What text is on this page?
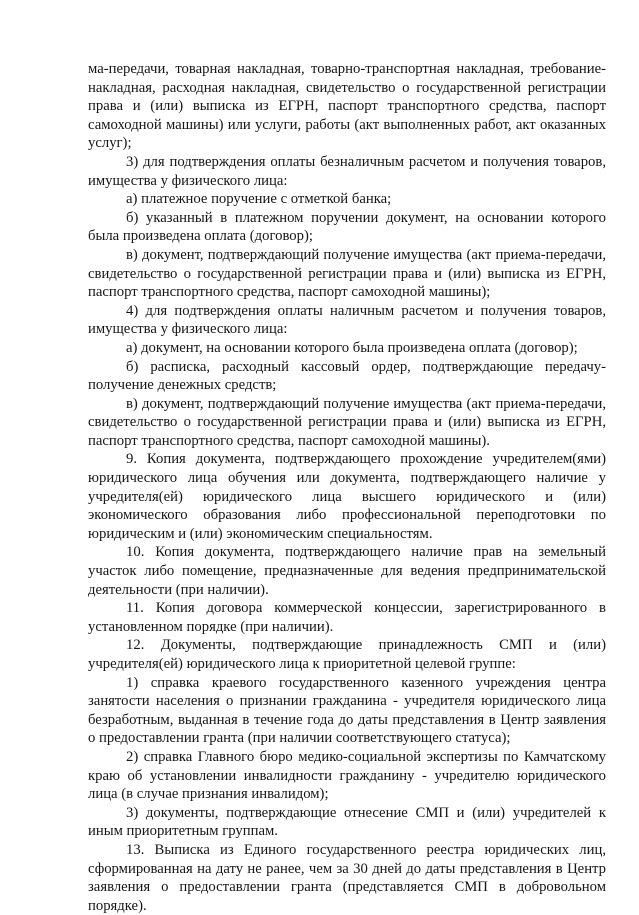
ма-передачи, товарная накладная, товарно-транспортная накладная, требование-накладная, расходная накладная, свидетельство о государственной регистрации права и (или) выписка из ЕГРН, паспорт транспортного средства, паспорт самоходной машины) или услуги, работы (акт выполненных работ, акт оказанных услуг);

3) для подтверждения оплаты безналичным расчетом и получения товаров, имущества у физического лица:

а) платежное поручение с отметкой банка;

б) указанный в платежном поручении документ, на основании которого была произведена оплата (договор);

в) документ, подтверждающий получение имущества (акт приема-передачи, свидетельство о государственной регистрации права и (или) выписка из ЕГРН, паспорт транспортного средства, паспорт самоходной машины);

4) для подтверждения оплаты наличным расчетом и получения товаров, имущества у физического лица:

а) документ, на основании которого была произведена оплата (договор);

б) расписка, расходный кассовый ордер, подтверждающие передачу-получение денежных средств;

в) документ, подтверждающий получение имущества (акт приема-передачи, свидетельство о государственной регистрации права и (или) выписка из ЕГРН, паспорт транспортного средства, паспорт самоходной машины).

9. Копия документа, подтверждающего прохождение учредителем(ями) юридического лица обучения или документа, подтверждающего наличие у учредителя(ей) юридического лица высшего юридического и (или) экономического образования либо профессиональной переподготовки по юридическим и (или) экономическим специальностям.

10. Копия документа, подтверждающего наличие прав на земельный участок либо помещение, предназначенные для ведения предпринимательской деятельности (при наличии).

11. Копия договора коммерческой концессии, зарегистрированного в установленном порядке (при наличии).

12. Документы, подтверждающие принадлежность СМП и (или) учредителя(ей) юридического лица к приоритетной целевой группе:

1) справка краевого государственного казенного учреждения центра занятости населения о признании гражданина - учредителя юридического лица безработным, выданная в течение года до даты представления в Центр заявления о предоставлении гранта (при наличии соответствующего статуса);

2) справка Главного бюро медико-социальной экспертизы по Камчатскому краю об установлении инвалидности гражданину - учредителю юридического лица (в случае признания инвалидом);

3) документы, подтверждающие отнесение СМП и (или) учредителей к иным приоритетным группам.

13. Выписка из Единого государственного реестра юридических лиц, сформированная на дату не ранее, чем за 30 дней до даты представления в Центр заявления о предоставлении гранта (представляется СМП в добровольном порядке).
